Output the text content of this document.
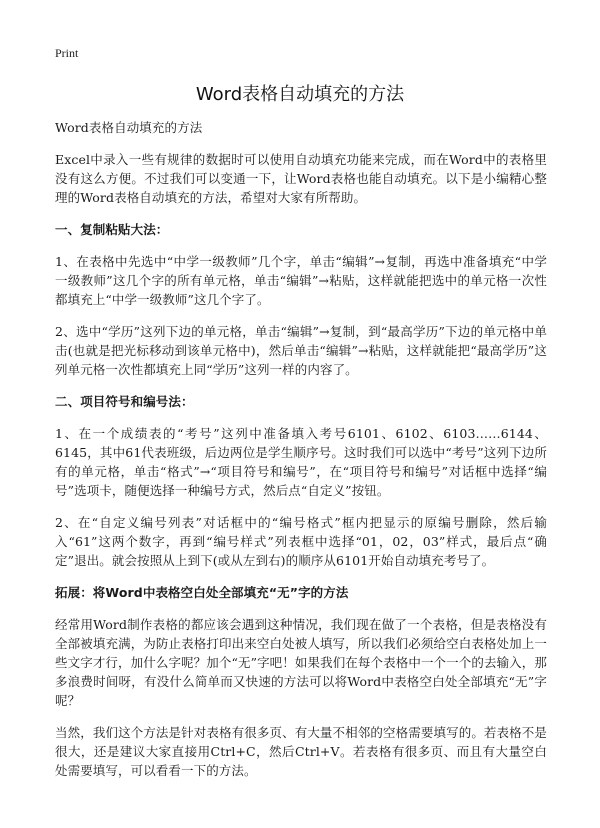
Print
Word表格自动填充的方法

Word表格自动填充的方法

Excel中录入一些有规律的数据时可以使用自动填充功能来完成，而在Word中的表格里没有这么方便。不过我们可以变通一下，让Word表格也能自动填充。以下是小编精心整理的Word表格自动填充的方法，希望对大家有所帮助。

一、复制粘贴大法：

1、在表格中先选中“中学一级教师”几个字，单击“编辑”→复制，再选中准备填充“中学一级教师”这几个字的所有单元格，单击“编辑”→粘贴，这样就能把选中的单元格一次性都填充上“中学一级教师”这几个字了。

2、选中“学历”这列下边的单元格，单击“编辑”→复制，到“最高学历”下边的单元格中单击(也就是把光标移动到该单元格中)，然后单击“编辑”→粘贴，这样就能把“最高学历”这列单元格一次性都填充上同“学历”这列一样的内容了。

二、项目符号和编号法：

1、在一个成绩表的“考号”这列中准备填入考号6101、6102、6103……6144、6145，其中61代表班级，后边两位是学生顺序号。这时我们可以选中“考号”这列下边所有的单元格，单击“格式”→“项目符号和编号”，在“项目符号和编号”对话框中选择“编号”选项卡，随便选择一种编号方式，然后点“自定义”按钮。

2、在“自定义编号列表”对话框中的“编号格式”框内把显示的原编号删除，然后输入“61”这两个数字，再到“编号样式”列表框中选择“01，02，03”样式，最后点“确定”退出。就会按照从上到下(或从左到右)的顺序从6101开始自动填充考号了。

拓展：将Word中表格空白处全部填充“无”字的方法

经常用Word制作表格的都应该会遇到这种情况，我们现在做了一个表格，但是表格没有全部被填充满，为防止表格打印出来空白处被人填写，所以我们必须给空白表格处加上一些文字才行，加什么字呢？加个“无”字吧！如果我们在每个表格中一个一个的去输入，那多浪费时间呀，有没什么简单而又快速的方法可以将Word中表格空白处全部填充“无”字呢？

当然，我们这个方法是针对表格有很多页、有大量不相邻的空格需要填写的。若表格不是很大，还是建议大家直接用Ctrl+C，然后Ctrl+V。若表格有很多页、而且有大量空白处需要填写，可以看看一下的方法。
